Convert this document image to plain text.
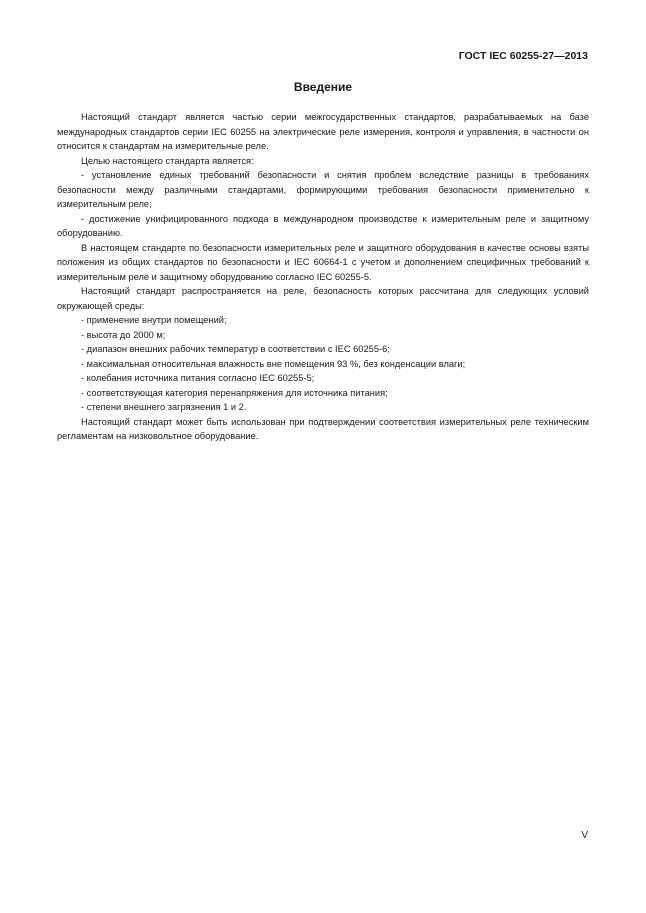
ГОСТ IEC 60255-27—2013
Введение

Настоящий стандарт является частью серии межгосударственных стандартов, разрабатываемых на базе международных стандартов серии IEC 60255 на электрические реле измерения, контроля и управления, в частности он относится к стандартам на измерительные реле.

Целью настоящего стандарта является:

- установление единых требований безопасности и снятия проблем вследствие разницы в требованиях безопасности между различными стандартами, формирующими требования безопасности применительно к измерительным реле;

- достижение унифицированного подхода в международном производстве к измерительным реле и защитному оборудованию.

В настоящем стандарте по безопасности измерительных реле и защитного оборудования в качестве основы взяты положения из общих стандартов по безопасности и IEC 60664-1 с учетом и дополнением специфичных требований к измерительным реле и защитному оборудованию согласно IEC 60255-5.

Настоящий стандарт распространяется на реле, безопасность которых рассчитана для следующих условий окружающей среды:

- применение внутри помещений;

- высота до 2000 м;

- диапазон внешних рабочих температур в соответствии с IEC 60255-6;

- максимальная относительная влажность вне помещения 93 %, без конденсации влаги;

- колебания источника питания согласно IEC 60255-5;

- соответствующая категория перенапряжения для источника питания;

- степени внешнего загрязнения 1 и 2.

Настоящий стандарт может быть использован при подтверждении соответствия измерительных реле техническим регламентам на низковольтное оборудование.

V
